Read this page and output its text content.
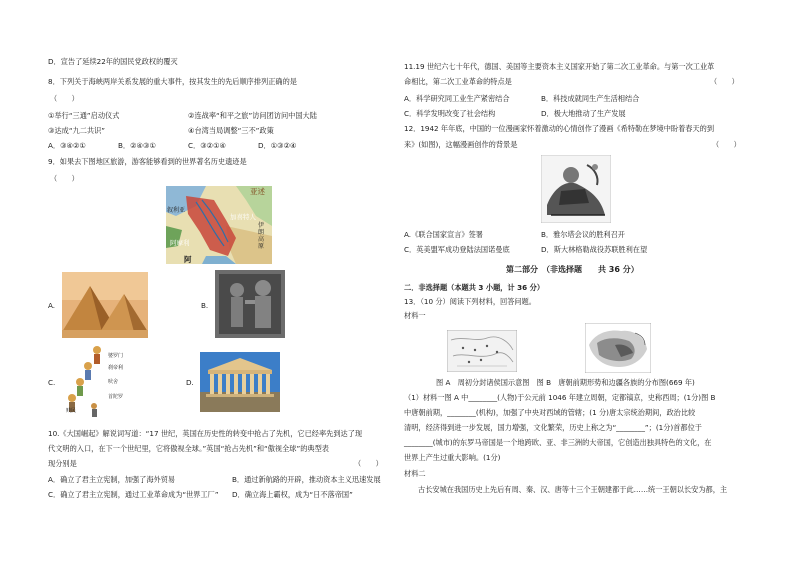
D．宣告了延续22年的国民党政权的覆灭
8．下列关于海峡两岸关系发展的重大事件，按其发生的先后顺序排列正确的是
（　　）
①举行“三通”启动仪式	②连战率“和平之旅”访问团访问中国大陆
③达成“九二共识”	④台湾当局调整“三不”政策
A．③④②①	B．②④③①	C．③②①④	D．①③②④
9．如果去下图地区旅游，游客能够看到的世界著名历史遗迹是
（　　）
亚述
加喜特人
阿摩利
伊朗高原
阿
叙利亚
A.	B.
C.
婆罗门
刹帝利
吠舍
首陀罗
贱民
D.
10.《大国崛起》解说词写道：“17 世纪，英国在历史性的转变中抢占了先机，它已经率先到达了现
代文明的入口，在下一个世纪里，它将傲视全球。”英国“抢占先机”和“傲视全球”的典型表
现分别是	（　　）
A．确立了君主立宪制，加强了海外贸易	B．通过新航路的开辟，推动资本主义迅速发展
C．确立了君主立宪制，通过工业革命成为“世界工厂” D．确立海上霸权，成为“日不落帝国”
11.19 世纪六七十年代，德国、美国等主要资本主义国家开始了第二次工业革命。与第一次工业革
命相比，第二次工业革命的特点是	（　　）
A．科学研究同工业生产紧密结合	B．科技成就同生产生活相结合
C．科学发明改变了社会结构	D．极大地推动了生产发展
12．1942 年年底，中国的一位漫画家怀着激动的心情创作了漫画《希特勒在梦境中盼着春天的到
来》(如图)，这幅漫画创作的背景是	（　　）
A.《联合国家宣言》签署	B．雅尔塔会议的胜利召开
C．英美盟军成功登陆法国诺曼底	D．斯大林格勒战役苏联胜利在望
第二部分　（非选择题　　共 36 分）
二．非选择题（本题共 3 小题，计 36 分）
13．（10 分）阅读下列材料，回答问题。
材料一
图 A　周初分封诸侯国示意图　图 B　唐朝前期形势和边疆各族的分布图(669 年)
（1）材料一图 A 中________(人物)于公元前 1046 年建立周朝，定都镐京，史称西周；(1分)图 B
中唐朝前期，________(机构)，加强了中央对西域的管辖；(1 分)唐太宗统治期间，政治比较
清明，经济得到进一步发展，国力增强，文化繁荣，历史上称之为“________”；(1分)首都位于
________(城市)的东罗马帝国是一个地跨欧、亚、非三洲的大帝国，它创造出独具特色的文化，在
世界上产生过重大影响。(1分)
材料二
古长安城在我国历史上先后有周、秦、汉、唐等十三个王朝建都于此……统一王朝以长安为都，主
